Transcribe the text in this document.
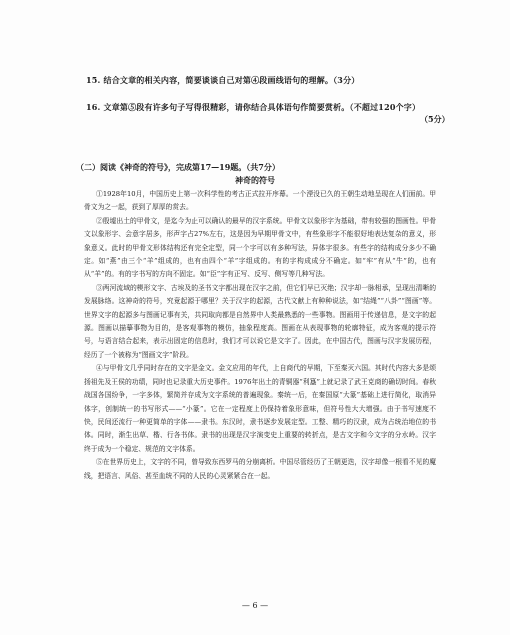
15. 结合文章的相关内容，简要谈谈自己对第④段画线语句的理解。（3分）
16. 文章第⑤段有许多句子写得很精彩，请你结合具体语句作简要赏析。（不超过120个字）
（5分）
（二）阅读《神奇的符号》，完成第17—19题。（共7分）
神奇的符号

①1928年10月，中国历史上第一次科学性的考古正式拉开序幕。一个湮没已久的王朝生动地呈现在人们面前。甲骨文为之一起，获到了厚厚的赏去。

②殷墟出土的甲骨文，是迄今为止可以确认的最早的汉字系统。甲骨文以象形字为基础，带有较强的图画性。甲骨文以象形字、会意字居多，形声字占27%左右，这是因为早期甲骨文中，有些象形字不能很好地表达复杂的意义，形象意义。此时的甲骨文形体结构还有完全定型，同一个字可以有多种写法，异体字很多。有些字的结构成分多少不确定。如“燕”由三个“羊”组成的，也有由四个“羊”字组成的。有的字构成成分不确定。如“牢”有从“牛”的，也有从“羊”的。有的字书写的方向不固定。如“臣”字有正写、反写、侧写等几种写法。

③两河流域的楔形文字、古埃及的圣书文字都出现在汉字之前，但它们早已灭绝；汉字却一脉相承，呈现出清晰的发展脉络。这神奇的符号，究竟起源于哪里？关于汉字的起源，古代文献上有种种说法，如“结绳”“八卦”“图画”等。世界文字的起源多与图画记事有关，共同取向都是自然界中人类最熟悉的一些事物。图画用于传递信息，是文字的起源。图画以描摹事物为目的，是客观事物的模仿，抽象程度高。图画在从表现事物的轮廓特征，成为客观的提示符号，与语言结合起来，表示出固定的信息时，我们才可以说它是文字了。因此，在中国古代，图画与汉字发展历程，经历了一个被称为“图画文字”阶段。

④与甲骨文几乎同时存在的文字是金文。金文应用的年代，上自商代的早期，下至秦灭六国。其时代内容大多是颂扬祖先及王侯的功绩，同时也记录重大历史事件。1976年出土的青铜器“利簋”上就记录了武王克商的确切时间。春秋战国各国纷争，一字多体，繁简并存成为文字系统的普遍现象。秦统一后，在秦国原“大篆”基础上进行简化，取消异体字，创制统一的书写形式——“小篆”。它在一定程度上仍保持着象形意味，但符号性大大增强。由于书写速度不快，民间还流行一种更简单的字体——隶书。东汉时，隶书逐步发展定型。工整、精巧的汉隶，成为占统治地位的书体。同时，渐生出草、楷、行各书体。隶书的出现是汉字演变史上重要的转折点，是古文字和今文字的分水岭。汉字终于成为一个稳定、规范的文字体系。

⑤在世界历史上，文字的不同，曾导致东西罗马的分崩离析。中国尽管经历了王朝更迭，汉字却像一根看不见的魔线，把语言、风俗、甚至血统不同的人民的心灵紧紧合在一起。

— 6 —
